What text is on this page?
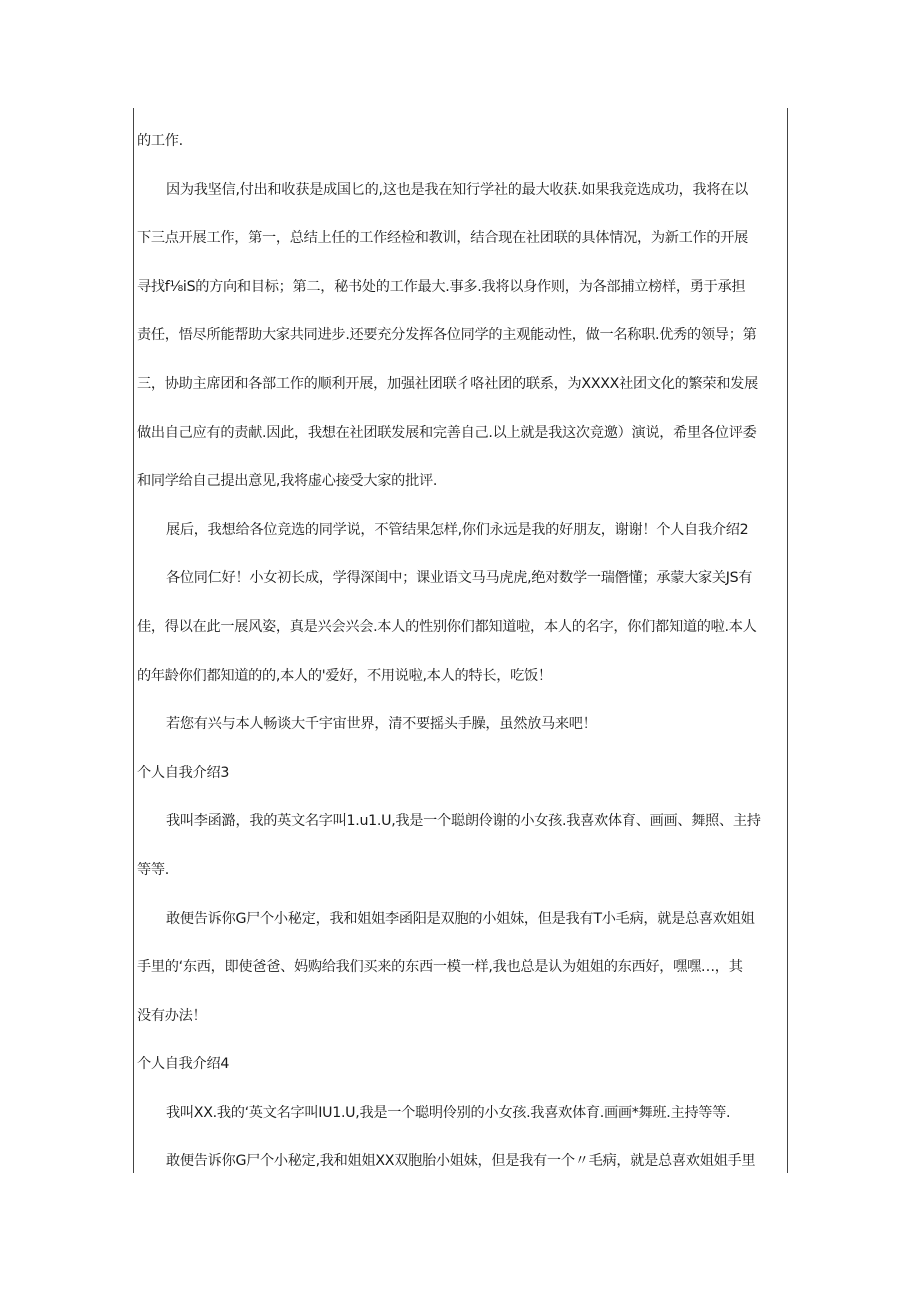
的工作.
因为我坚信,付出和收获是成国匕的,这也是我在知行学社的最大收获.如果我竞选成功，我将在以
下三点开展工作，第一，总结上任的工作经检和教训，结合现在社团联的具体情况，为新工作的开展
寻找f⅛iS的方向和目标；第二，秘书处的工作最大.事多.我将以身作则，为各部捕立榜样，勇于承担
责任，悟尽所能帮助大家共同进步.还要充分发挥各位同学的主观能动性，做一名称职.优秀的领导；第
三，协助主席团和各部工作的顺利开展，加强社团联彳咯社团的联系，为XXXX社团文化的繁荣和发展
做出自己应有的责献.因此，我想在社团联发展和完善自己.以上就是我这次竞邀）演说，希里各位评委
和同学给自己提出意见,我将虚心接受大家的批评.
展后，我想给各位竞选的同学说，不管结果怎样,你们永远是我的好朋友，谢谢！个人自我介绍2
各位同仁好！小女初长成，学得深闺中；课业语文马马虎虎,绝对数学一瑞僭懂；承蒙大家关JS有
佳，得以在此一展风姿，真是兴会兴会.本人的性别你们都知道啦，本人的名字，你们都知道的啦.本人
的年龄你们都知道的的,本人的'爱好，不用说啦,本人的特长，吃饭！
若您有兴与本人畅谈大千宇宙世界，清不要摇头手臊，虽然放马来吧！
个人自我介绍3
我叫李函潞，我的英文名字叫1.u1.U,我是一个聪朗伶谢的小女孩.我喜欢体育、画画、舞照、主持
等等.
敢便告诉你G尸个小秘定，我和姐姐李函阳是双胞的小姐妹，但是我有T小毛病，就是总喜欢姐姐
手里的‘东西，即使爸爸、妈购给我们买来的东西一模一样,我也总是认为姐姐的东西好，嘿嘿…，其
没有办法！
个人自我介绍4
我叫XX.我的‘英文名字叫IU1.U,我是一个聪明伶别的小女孩.我喜欢体育.画画*舞班.主持等等.
敢便告诉你G尸个小秘定,我和姐姐XX双胞胎小姐妹，但是我有一个〃毛病，就是总喜欢姐姐手里
